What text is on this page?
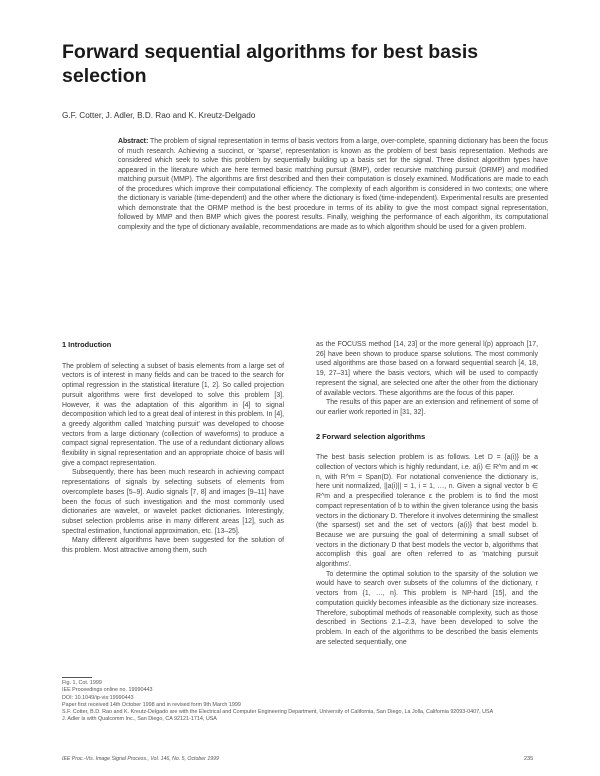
Forward sequential algorithms for best basis selection
G.F. Cotter, J. Adler, B.D. Rao and K. Kreutz-Delgado
Abstract: The problem of signal representation in terms of basis vectors from a large, over-complete, spanning dictionary has been the focus of much research. Achieving a succinct, or 'sparse', representation is known as the problem of best basis representation. Methods are considered which seek to solve this problem by sequentially building up a basis set for the signal. Three distinct algorithm types have appeared in the literature which are here termed basic matching pursuit (BMP), order recursive matching pursuit (ORMP) and modified matching pursuit (MMP). The algorithms are first described and then their computation is closely examined. Modifications are made to each of the procedures which improve their computational efficiency. The complexity of each algorithm is considered in two contexts; one where the dictionary is variable (time-dependent) and the other where the dictionary is fixed (time-independent). Experimental results are presented which demonstrate that the ORMP method is the best procedure in terms of its ability to give the most compact signal representation, followed by MMP and then BMP which gives the poorest results. Finally, weighing the performance of each algorithm, its computational complexity and the type of dictionary available, recommendations are made as to which algorithm should be used for a given problem.
1 Introduction

The problem of selecting a subset of basis elements from a large set of vectors is of interest in many fields and can be traced to the search for optimal regression in the statistical literature [1, 2]. So called projection pursuit algorithms were first developed to solve this problem [3]. However, it was the adaptation of this algorithm in [4] to signal decomposition which led to a great deal of interest in this problem. In [4], a greedy algorithm called 'matching pursuit' was developed to choose vectors from a large dictionary (collection of waveforms) to produce a compact signal representation. The use of a redundant dictionary allows flexibility in signal representation and an appropriate choice of basis will give a compact representation.

Subsequently, there has been much research in achieving compact representations of signals by selecting subsets of elements from overcomplete bases [5–9]. Audio signals [7, 8] and images [9–11] have been the focus of such investigation and the most commonly used dictionaries are wavelet, or wavelet packet dictionaries. Interestingly, subset selection problems arise in many different areas [12], such as spectral estimation, functional approximation, etc. [13–25].

Many different algorithms have been suggested for the solution of this problem. Most attractive among them, such

as the FOCUSS method [14, 23] or the more general l(p) approach [17, 26] have been shown to produce sparse solutions. The most commonly used algorithms are those based on a forward sequential search [4, 18, 19, 27–31] where the basis vectors, which will be used to compactly represent the signal, are selected one after the other from the dictionary of available vectors. These algorithms are the focus of this paper.

The results of this paper are an extension and refinement of some of our earlier work reported in [31, 32].

2 Forward selection algorithms

The best basis selection problem is as follows. Let D = {a(i)} be a collection of vectors which is highly redundant, i.e. a(i) ∈ R^m and m ≪ n, with R^m = Span(D). For notational convenience the dictionary is, here unit normalized, ||a(i)|| = 1, i = 1, …, n. Given a signal vector b ∈ R^m and a prespecified tolerance ε the problem is to find the most compact representation of b to within the given tolerance using the basis vectors in the dictionary D. Therefore it involves determining the smallest (the sparsest) set and the set of vectors {a(i)} that best model b. Because we are pursuing the goal of determining a small subset of vectors in the dictionary D that best models the vector b, algorithms that accomplish this goal are often referred to as 'matching pursuit algorithms'.

To determine the optimal solution to the sparsity of the solution we would have to search over subsets of the columns of the dictionary, r vectors from {1, …, n}. This problem is NP-hard [15], and the computation quickly becomes infeasible as the dictionary size increases. Therefore, suboptimal methods of reasonable complexity, such as those described in Sections 2.1–2.3, have been developed to solve the problem. In each of the algorithms to be described the basis elements are selected sequentially, one

Fig. 1, Cot. 1999
IEE Proceedings online no. 19990443
DOI: 10.1049/ip-vis:19990443
Paper first received 14th October 1998 and in revised form 9th March 1999
S.F. Cotter, B.D. Rao and K. Kreutz-Delgado are with the Electrical and Computer Engineering Department, University of California, San Diego, La Jolla, California 92093-0407, USA
J. Adler is with Qualcomm Inc., San Diego, CA 92121-1714, USA
IEE Proc.-Vis. Image Signal Process., Vol. 146, No. 5, October 1999	235
